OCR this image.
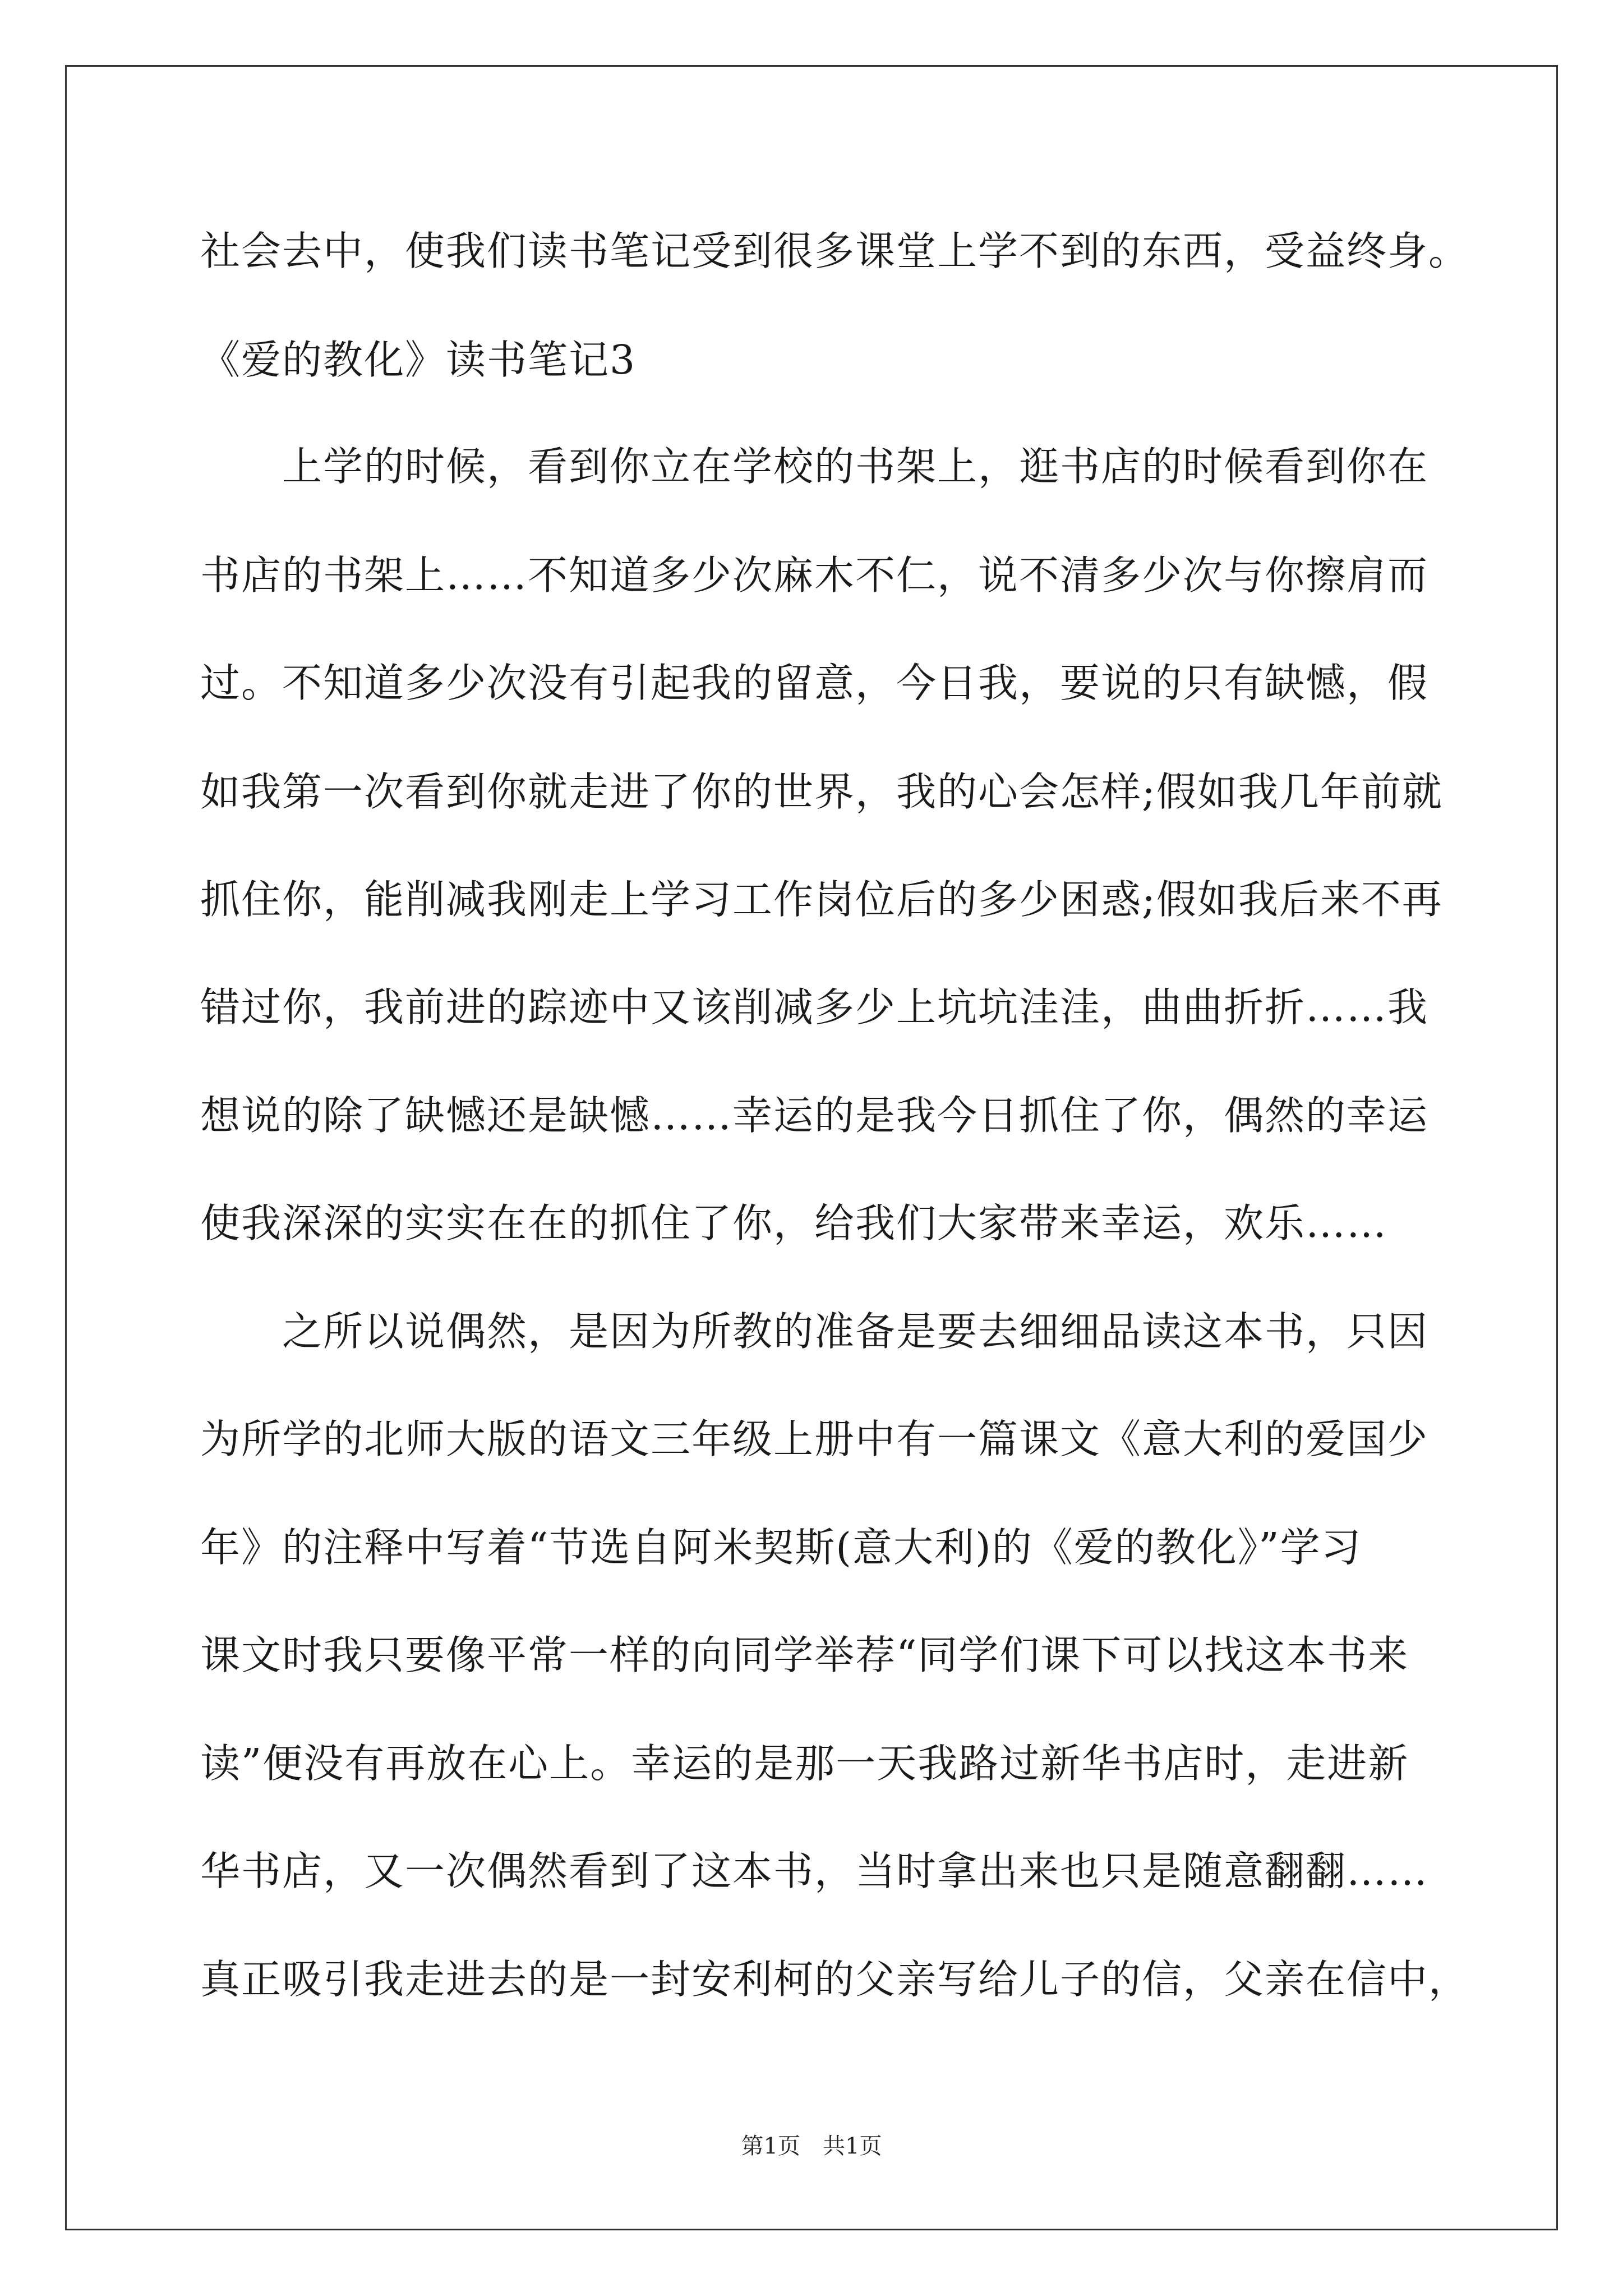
社会去中，使我们读书笔记受到很多课堂上学不到的东西，受益终身。
《爱的教化》读书笔记3
　　上学的时候，看到你立在学校的书架上，逛书店的时候看到你在
书店的书架上……不知道多少次麻木不仁，说不清多少次与你擦肩而
过。不知道多少次没有引起我的留意，今日我，要说的只有缺憾，假
如我第一次看到你就走进了你的世界，我的心会怎样;假如我几年前就
抓住你，能削减我刚走上学习工作岗位后的多少困惑;假如我后来不再
错过你，我前进的踪迹中又该削减多少上坑坑洼洼，曲曲折折……我
想说的除了缺憾还是缺憾……幸运的是我今日抓住了你，偶然的幸运
使我深深的实实在在的抓住了你，给我们大家带来幸运，欢乐……
　　之所以说偶然，是因为所教的准备是要去细细品读这本书，只因
为所学的北师大版的语文三年级上册中有一篇课文《意大利的爱国少
年》的注释中写着“节选自阿米契斯(意大利)的《爱的教化》”学习
课文时我只要像平常一样的向同学举荐“同学们课下可以找这本书来
读”便没有再放在心上。幸运的是那一天我路过新华书店时，走进新
华书店，又一次偶然看到了这本书，当时拿出来也只是随意翻翻……
真正吸引我走进去的是一封安利柯的父亲写给儿子的信，父亲在信中，
第1页　共1页
